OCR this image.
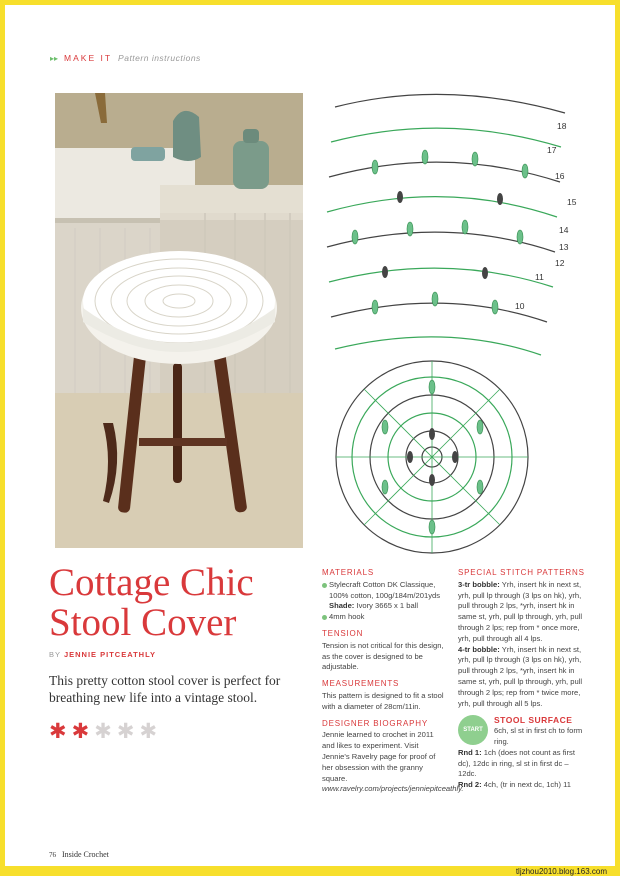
▸▸ MAKE IT Pattern instructions
18
17
16
15
14
13
12
11
10
Cottage Chic
Stool Cover
BY JENNIE PITCEATHLY
This pretty cotton stool cover is perfect for breathing new life into a vintage stool.
✱ ✱ ✱ ✱ ✱
MATERIALS
Stylecraft Cotton DK Classique, 100% cotton, 100g/184m/201yds
Shade: Ivory 3665 x 1 ball
4mm hook
TENSION
Tension is not critical for this design, as the cover is designed to be adjustable.
MEASUREMENTS
This pattern is designed to fit a stool with a diameter of 28cm/11in.
DESIGNER BIOGRAPHY
Jennie learned to crochet in 2011 and likes to experiment. Visit Jennie's Ravelry page for proof of her obsession with the granny square. www.ravelry.com/projects/jenniepitceathly.
SPECIAL STITCH PATTERNS
3-tr bobble: Yrh, insert hk in next st, yrh, pull lp through (3 lps on hk), yrh, pull through 2 lps, *yrh, insert hk in same st, yrh, pull lp through, yrh, pull through 2 lps; rep from * once more, yrh, pull through all 4 lps.
4-tr bobble: Yrh, insert hk in next st, yrh, pull lp through (3 lps on hk), yrh, pull through 2 lps, *yrh, insert hk in same st, yrh, pull lp through, yrh, pull through 2 lps; rep from * twice more, yrh, pull through all 5 lps.
START
STOOL SURFACE
6ch, sl st in first ch to form ring.
Rnd 1: 1ch (does not count as first dc), 12dc in ring, sl st in first dc – 12dc.
Rnd 2: 4ch, (tr in next dc, 1ch) 11
76 Inside Crochet
tljzhou2010.blog.163.com
